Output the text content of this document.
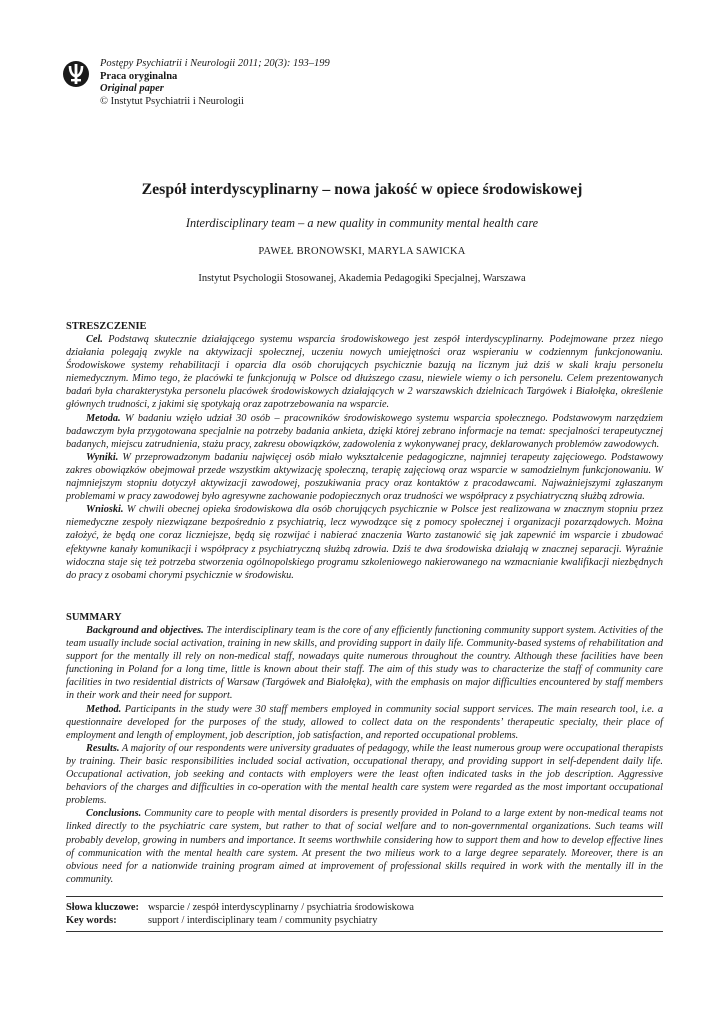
Postępy Psychiatrii i Neurologii 2011; 20(3): 193–199
Praca oryginalna
Original paper
© Instytut Psychiatrii i Neurologii
Zespół interdyscyplinarny – nowa jakość w opiece środowiskowej
Interdisciplinary team – a new quality in community mental health care
PAWEŁ BRONOWSKI, MARYLA SAWICKA
Instytut Psychologii Stosowanej, Akademia Pedagogiki Specjalnej, Warszawa
STRESZCZENIE

Cel. Podstawą skutecznie działającego systemu wsparcia środowiskowego jest zespół interdyscyplinarny. Podejmowane przez niego działania polegają zwykle na aktywizacji społecznej, uczeniu nowych umiejętności oraz wspieraniu w codziennym funkcjonowaniu. Środowiskowe systemy rehabilitacji i oparcia dla osób chorujących psychicznie bazują na licznym już dziś w skali kraju personelu niemedycznym. Mimo tego, że placówki te funkcjonują w Polsce od dłuższego czasu, niewiele wiemy o ich personelu. Celem prezentowanych badań była charakterystyka personelu placówek środowiskowych działających w 2 warszawskich dzielnicach Targówek i Białołęka, określenie głównych trudności, z jakimi się spotykają oraz zapotrzebowania na wsparcie.

Metoda. W badaniu wzięło udział 30 osób – pracowników środowiskowego systemu wsparcia społecznego. Podstawowym narzędziem badawczym była przygotowana specjalnie na potrzeby badania ankieta, dzięki której zebrano informacje na temat: specjalności terapeutycznej badanych, miejscu zatrudnienia, stażu pracy, zakresu obowiązków, zadowolenia z wykonywanej pracy, deklarowanych problemów zawodowych.

Wyniki. W przeprowadzonym badaniu najwięcej osób miało wykształcenie pedagogiczne, najmniej terapeuty zajęciowego. Podstawowy zakres obowiązków obejmował przede wszystkim aktywizację społeczną, terapię zajęciową oraz wsparcie w samodzielnym funkcjonowaniu. W najmniejszym stopniu dotyczył aktywizacji zawodowej, poszukiwania pracy oraz kontaktów z pracodawcami. Najważniejszymi zgłaszanym problemami w pracy zawodowej było agresywne zachowanie podopiecznych oraz trudności we współpracy z psychiatryczną służbą zdrowia.

Wnioski. W chwili obecnej opieka środowiskowa dla osób chorujących psychicznie w Polsce jest realizowana w znacznym stopniu przez niemedyczne zespoły niezwiązane bezpośrednio z psychiatrią, lecz wywodzące się z pomocy społecznej i organizacji pozarządowych. Można założyć, że będą one coraz liczniejsze, będą się rozwijać i nabierać znaczenia Warto zastanowić się jak zapewnić im wsparcie i zbudować efektywne kanały komunikacji i współpracy z psychiatryczną służbą zdrowia. Dziś te dwa środowiska działają w znacznej separacji. Wyraźnie widoczna staje się też potrzeba stworzenia ogólnopolskiego programu szkoleniowego nakierowanego na wzmacnianie kwalifikacji niezbędnych do pracy z osobami chorymi psychicznie w środowisku.

SUMMARY

Background and objectives. The interdisciplinary team is the core of any efficiently functioning community support system. Activities of the team usually include social activation, training in new skills, and providing support in daily life. Community-based systems of rehabilitation and support for the mentally ill rely on non-medical staff, nowadays quite numerous throughout the country. Although these facilities have been functioning in Poland for a long time, little is known about their staff. The aim of this study was to characterize the staff of community care facilities in two residential districts of Warsaw (Targówek and Białołęka), with the emphasis on major difficulties encountered by staff members in their work and their need for support.

Method. Participants in the study were 30 staff members employed in community social support services. The main research tool, i.e. a questionnaire developed for the purposes of the study, allowed to collect data on the respondents’ therapeutic specialty, their place of employment and length of employment, job description, job satisfaction, and reported occupational problems.

Results. A majority of our respondents were university graduates of pedagogy, while the least numerous group were occupational therapists by training. Their basic responsibilities included social activation, occupational therapy, and providing support in self-dependent daily life. Occupational activation, job seeking and contacts with employers were the least often indicated tasks in the job description. Aggressive behaviors of the charges and difficulties in co-operation with the mental health care system were regarded as the most important occupational problems.

Conclusions. Community care to people with mental disorders is presently provided in Poland to a large extent by non-medical teams not linked directly to the psychiatric care system, but rather to that of social welfare and to non-governmental organizations. Such teams will probably develop, growing in numbers and importance. It seems worthwhile considering how to support them and how to develop effective lines of communication with the mental health care system. At present the two milieus work to a large degree separately. Moreover, there is an obvious need for a nationwide training program aimed at improvement of professional skills required in work with the mentally ill in the community.

Słowa kluczowe: wsparcie / zespół interdyscyplinarny / psychiatria środowiskowa
Key words:	support / interdisciplinary team / community psychiatry
